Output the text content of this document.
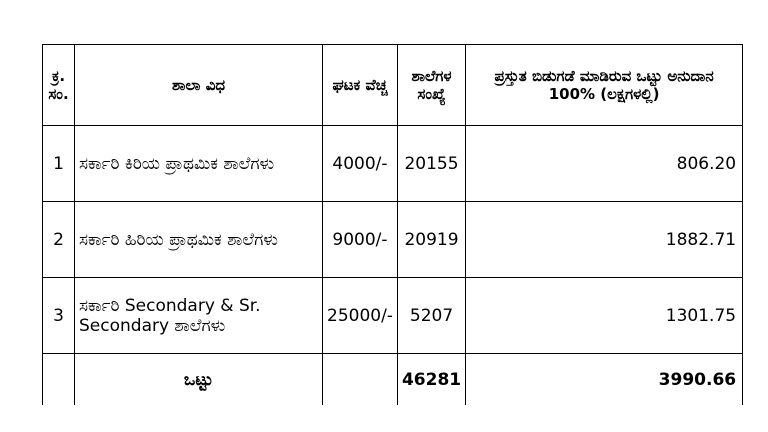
ಕ್ರ. ಸಂ.	ಶಾಲಾ ವಿಧ	ಘಟಕ ವೆಚ್ಚ	ಶಾಲೆಗಳ ಸಂಖ್ಯೆ	ಪ್ರಸ್ತುತ ಬಿಡುಗಡೆ ಮಾಡಿರುವ ಒಟ್ಟು ಅನುದಾನ 100% (ಲಕ್ಷಗಳಲ್ಲಿ)
1	ಸರ್ಕಾರಿ ಕಿರಿಯ ಪ್ರಾಥಮಿಕ ಶಾಲೆಗಳು	4000/-	20155	806.20
2	ಸರ್ಕಾರಿ ಹಿರಿಯ ಪ್ರಾಥಮಿಕ ಶಾಲೆಗಳು	9000/-	20919	1882.71
3	ಸರ್ಕಾರಿ Secondary & Sr. Secondary ಶಾಲೆಗಳು	25000/-	5207	1301.75
	ಒಟ್ಟು		46281	3990.66
